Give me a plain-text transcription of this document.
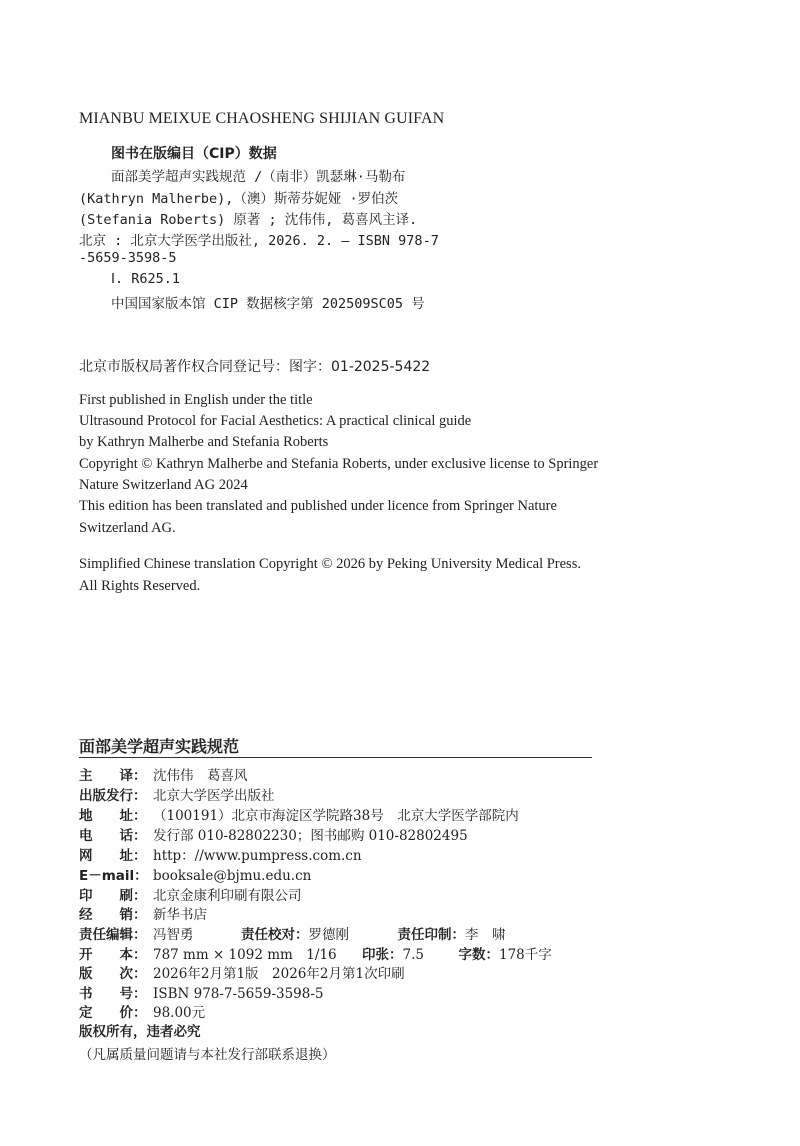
MIANBU MEIXUE CHAOSHENG SHIJIAN GUIFAN
图书在版编目（CIP）数据
面部美学超声实践规范 /（南非）凯瑟琳·马勒布
(Kathryn Malherbe),（澳）斯蒂芬妮娅 ·罗伯茨
(Stefania Roberts) 原著 ; 沈伟伟, 葛喜风主译.
北京 : 北京大学医学出版社, 2026. 2. — ISBN 978-7
-5659-3598-5
Ⅰ. R625.1
中国国家版本馆 CIP 数据核字第 202509SC05 号
北京市版权局著作权合同登记号：图字：01-2025-5422
First published in English under the title
Ultrasound Protocol for Facial Aesthetics: A practical clinical guide
by Kathryn Malherbe and Stefania Roberts
Copyright © Kathryn Malherbe and Stefania Roberts, under exclusive license to Springer
Nature Switzerland AG 2024
This edition has been translated and published under licence from Springer Nature
Switzerland AG.
Simplified Chinese translation Copyright © 2026 by Peking University Medical Press.
All Rights Reserved.
面部美学超声实践规范
主　　译： 沈伟伟　葛喜风
出版发行： 北京大学医学出版社
地　　址： （100191）北京市海淀区学院路38号　北京大学医学部院内
电　　话： 发行部 010-82802230；图书邮购 010-82802495
网　　址： http：//www.pumpress.com.cn
E－mail： booksale@bjmu.edu.cn
印　　刷： 北京金康利印刷有限公司
经　　销： 新华书店
责任编辑： 冯智勇	责任校对： 罗德刚	责任印制： 李　啸
开　　本： 787 mm × 1092 mm　1/16	印张： 7.5	字数： 178千字
版　　次： 2026年2月第1版　2026年2月第1次印刷
书　　号： ISBN 978-7-5659-3598-5
定　　价： 98.00元
版权所有，违者必究
（凡属质量问题请与本社发行部联系退换）
